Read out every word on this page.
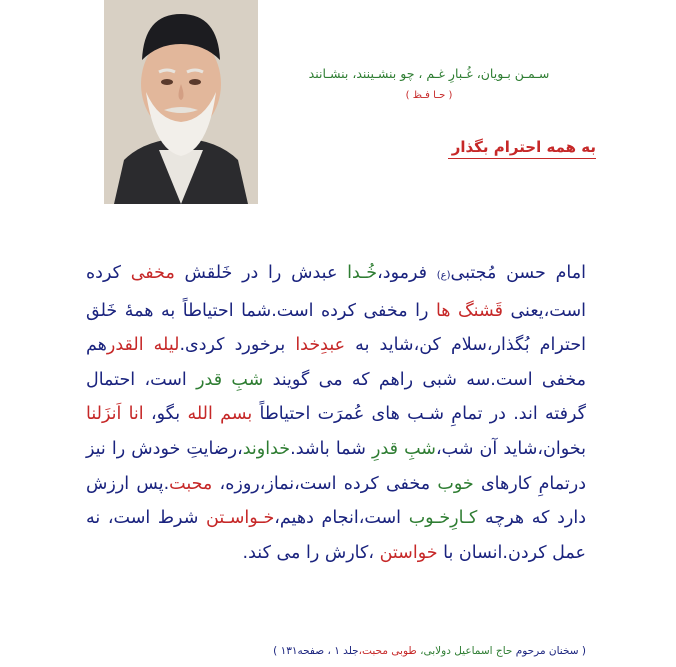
سـمـن بـویان، غُـبارِ غـم ، چو بنشـینند، بنشـانند
( حـا فـظ )
به همه احترام بگذار
امام حسن مُجتبی(ع) فرمود،خُـدا عبدش را در خَلقش مخفی کرده است،یعنی قَشنگ ها را مخفی کرده است.شما احتیاطاً به همهٔ خَلق احترام بُگذار،سلام کن،شاید به عبدِخدا برخورد کردی.لیله القدرهم مخفی است.سه شبی راهم که می گویند شبِ قدر است، احتمال گرفته اند. در تمامِ شـب های عُمرَت احتیاطاً بسم الله بگو، انا اَنزَلنا بخوان،شاید آن شب،شبِ قدرِ شما باشد.خداوند،رضایتِ خودش را نیز درتمامِ کارهای خوب مخفی کرده است،نماز،روزه، محبت.پس ارزش دارد که هرچه کـارِخـوب است،انجام دهیم،خـواسـتن شرط است، نه عمل کردن.انسان با خواستن ،کارش را می کند.
( سخنان مرحوم حاج اسماعیل دولابی، طوبی محبت،جلد ۱ ، صفحه۱۳۱ )
